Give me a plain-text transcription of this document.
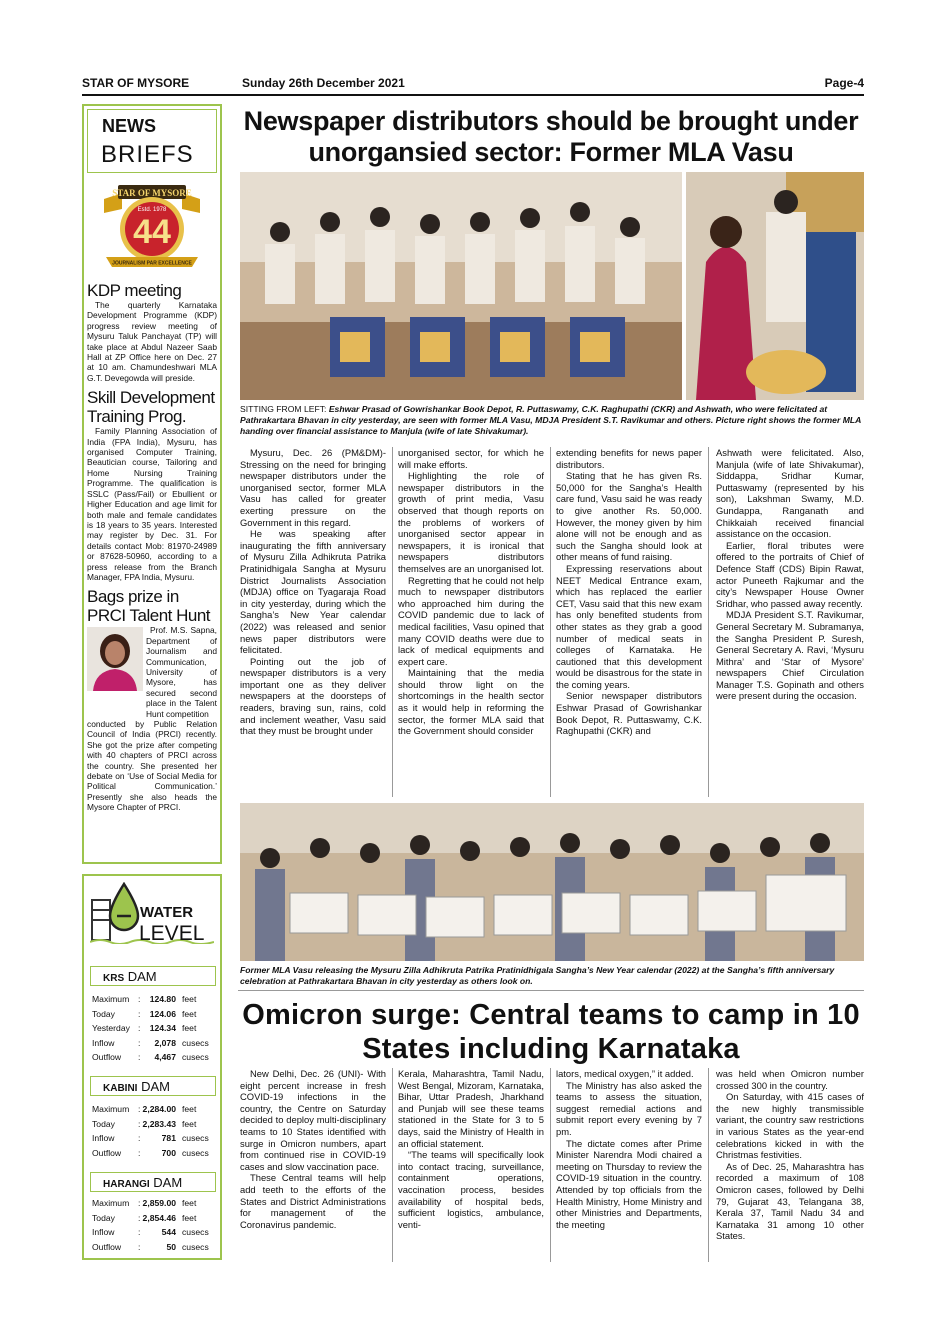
STAR OF MYSORE	Sunday 26th December 2021	Page-4
NEWS
BRIEFS
STAR OF MYSORE
Estd. 1978
44
JOURNALISM PAR EXCELLENCE
KDP meeting
The quarterly Karnataka Development Programme (KDP) progress review meeting of Mysuru Taluk Panchayat (TP) will take place at Abdul Nazeer Saab Hall at ZP Office here on Dec. 27 at 10 am. Chamundeshwari MLA G.T. Devegowda will preside.
Skill Development Training Prog.
Family Planning Association of India (FPA India), Mysuru, has organised Computer Training, Beautician course, Tailoring and Home Nursing Training Programme. The qualification is SSLC (Pass/Fail) or Ebullient or Higher Education and age limit for both male and female candidates is 18 years to 35 years. Interested may register by Dec. 31. For details contact Mob: 81970-24989 or 87628-50960, according to a press release from the Branch Manager, FPA India, Mysuru.
Bags prize in PRCI Talent Hunt
Prof. M.S. Sapna, Department of Journalism and Communication, University of Mysore, has secured second place in the Talent Hunt competition
conducted by Public Relation Council of India (PRCI) recently. She got the prize after competing with 40 chapters of PRCI across the country. She presented her debate on ‘Use of Social Media for Political Communication.’ Presently she also heads the Mysore Chapter of PRCI.
Newspaper distributors should be brought under unorgansied sector: Former MLA Vasu
SITTING FROM LEFT: Eshwar Prasad of Gowrishankar Book Depot, R. Puttaswamy, C.K. Raghupathi (CKR) and Ashwath, who were felicitated at Pathrakartara Bhavan in city yesterday, are seen with former MLA Vasu, MDJA President S.T. Ravikumar and others. Picture right shows the former MLA handing over financial assistance to Manjula (wife of late Shivakumar).

Mysuru, Dec. 26 (PM&DM)- Stressing on the need for bringing newspaper distributors under the unorganised sector, former MLA Vasu has called for greater exerting pressure on the Government in this regard.

He was speaking after inaugurating the fifth anniversary of Mysuru Zilla Adhikruta Patrika Pratinidhigala Sangha at Mysuru District Journalists Association (MDJA) office on Tyagaraja Road in city yesterday, during which the Sangha’s New Year calendar (2022) was released and senior news paper distributors were felicitated.

Pointing out the job of newspaper distributors is a very important one as they deliver newspapers at the doorsteps of readers, braving sun, rains, cold and inclement weather, Vasu said that they must be brought under

unorganised sector, for which he will make efforts.

Highlighting the role of newspaper distributors in the growth of print media, Vasu observed that though reports on the problems of workers of unorganised sector appear in newspapers, it is ironical that newspapers distributors themselves are an unorganised lot.

Regretting that he could not help much to newspaper distributors who approached him during the COVID pandemic due to lack of medical facilities, Vasu opined that many COVID deaths were due to lack of medical equipments and expert care.

Maintaining that the media should throw light on the shortcomings in the health sector as it would help in reforming the sector, the former MLA said that the Government should consider

extending benefits for news paper distributors.

Stating that he has given Rs. 50,000 for the Sangha’s Health care fund, Vasu said he was ready to give another Rs. 50,000. However, the money given by him alone will not be enough and as such the Sangha should look at other means of fund raising.

Expressing reservations about NEET Medical Entrance exam, which has replaced the earlier CET, Vasu said that this new exam has only benefited students from other states as they grab a good number of medical seats in colleges of Karnataka. He cautioned that this development would be disastrous for the state in the coming years.

Senior newspaper distributors Eshwar Prasad of Gowrishankar Book Depot, R. Puttaswamy, C.K. Raghupathi (CKR) and

Ashwath were felicitated. Also, Manjula (wife of late Shivakumar), Siddappa, Sridhar Kumar, Puttaswamy (represented by his son), Lakshman Swamy, M.D. Gundappa, Ranganath and Chikkaiah received financial assistance on the occasion.

Earlier, floral tributes were offered to the portraits of Chief of Defence Staff (CDS) Bipin Rawat, actor Puneeth Rajkumar and the city’s Newspaper House Owner Sridhar, who passed away recently.

MDJA President S.T. Ravikumar, General Secretary M. Subramanya, the Sangha President P. Suresh, General Secretary A. Ravi, ‘Mysuru Mithra’ and ‘Star of Mysore’ newspapers Chief Circulation Manager T.S. Gopinath and others were present during the occasion.

Former MLA Vasu releasing the Mysuru Zilla Adhikruta Patrika Pratinidhigala Sangha’s New Year calendar (2022) at the Sangha’s fifth anniversary celebration at Pathrakartara Bhavan in city yesterday as others look on.
WATER
LEVEL
KRS DAM
Maximum : 124.80 feet
Today	: 124.06 feet
Yesterday : 124.34 feet
Inflow	: 2,078 cusecs
Outflow : 4,467 cusecs
KABINI DAM
Maximum : 2,284.00 feet
Today	: 2,283.43 feet
Inflow	: 781 cusecs
Outflow : 700 cusecs
HARANGI DAM
Maximum : 2,859.00 feet
Today	: 2,854.46 feet
Inflow	: 544 cusecs
Outflow :	50 cusecs
Omicron surge: Central teams to camp in 10 States including Karnataka

New Delhi, Dec. 26 (UNI)- With eight percent increase in fresh COVID-19 infections in the country, the Centre on Saturday decided to deploy multi-disciplinary teams to 10 States identified with surge in Omicron numbers, apart from continued rise in COVID-19 cases and slow vaccination pace.

These Central teams will help add teeth to the efforts of the States and District Administrations for management of the Coronavirus pandemic.

Kerala, Maharashtra, Tamil Nadu, West Bengal, Mizoram, Karnataka, Bihar, Uttar Pradesh, Jharkhand and Punjab will see these teams stationed in the State for 3 to 5 days, said the Ministry of Health in an official statement.

“The teams will specifically look into contact tracing, surveillance, containment operations, vaccination process, besides availability of hospital beds, sufficient logistics, ambulance, venti-

lators, medical oxygen,” it added.

The Ministry has also asked the teams to assess the situation, suggest remedial actions and submit report every evening by 7 pm.

The dictate comes after Prime Minister Narendra Modi chaired a meeting on Thursday to review the COVID-19 situation in the country. Attended by top officials from the Health Ministry, Home Ministry and other Ministries and Departments, the meeting

was held when Omicron number crossed 300 in the country.

On Saturday, with 415 cases of the new highly transmissible variant, the country saw restrictions in various States as the year-end celebrations kicked in with the Christmas festivities.

As of Dec. 25, Maharashtra has recorded a maximum of 108 Omicron cases, followed by Delhi 79, Gujarat 43, Telangana 38, Kerala 37, Tamil Nadu 34 and Karnataka 31 among 10 other States.
